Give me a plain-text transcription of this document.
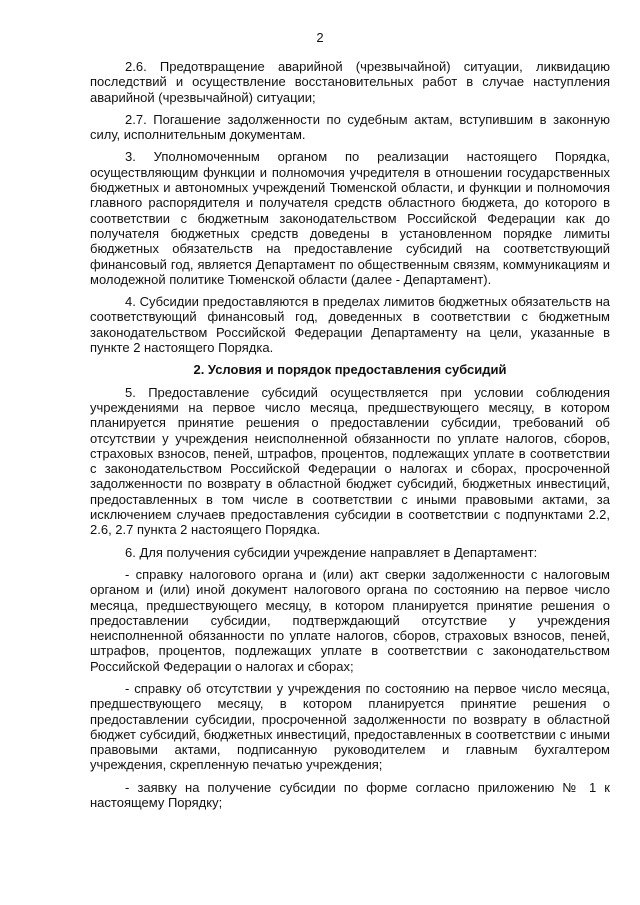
2

2.6. Предотвращение аварийной (чрезвычайной) ситуации, ликвидацию последствий и осуществление восстановительных работ в случае наступления аварийной (чрезвычайной) ситуации;

2.7. Погашение задолженности по судебным актам, вступившим в законную силу, исполнительным документам.

3. Уполномоченным органом по реализации настоящего Порядка, осуществляющим функции и полномочия учредителя в отношении государственных бюджетных и автономных учреждений Тюменской области, и функции и полномочия главного распорядителя и получателя средств областного бюджета, до которого в соответствии с бюджетным законодательством Российской Федерации как до получателя бюджетных средств доведены в установленном порядке лимиты бюджетных обязательств на предоставление субсидий на соответствующий финансовый год, является Департамент по общественным связям, коммуникациям и молодежной политике Тюменской области (далее - Департамент).

4. Субсидии предоставляются в пределах лимитов бюджетных обязательств на соответствующий финансовый год, доведенных в соответствии с бюджетным законодательством Российской Федерации Департаменту на цели, указанные в пункте 2 настоящего Порядка.

2. Условия и порядок предоставления субсидий

5. Предоставление субсидий осуществляется при условии соблюдения учреждениями на первое число месяца, предшествующего месяцу, в котором планируется принятие решения о предоставлении субсидии, требований об отсутствии у учреждения неисполненной обязанности по уплате налогов, сборов, страховых взносов, пеней, штрафов, процентов, подлежащих уплате в соответствии с законодательством Российской Федерации о налогах и сборах, просроченной задолженности по возврату в областной бюджет субсидий, бюджетных инвестиций, предоставленных в том числе в соответствии с иными правовыми актами, за исключением случаев предоставления субсидии в соответствии с подпунктами 2.2, 2.6, 2.7 пункта 2 настоящего Порядка.

6. Для получения субсидии учреждение направляет в Департамент:

- справку налогового органа и (или) акт сверки задолженности с налоговым органом и (или) иной документ налогового органа по состоянию на первое число месяца, предшествующего месяцу, в котором планируется принятие решения о предоставлении субсидии, подтверждающий отсутствие у учреждения неисполненной обязанности по уплате налогов, сборов, страховых взносов, пеней, штрафов, процентов, подлежащих уплате в соответствии с законодательством Российской Федерации о налогах и сборах;

- справку об отсутствии у учреждения по состоянию на первое число месяца, предшествующего месяцу, в котором планируется принятие решения о предоставлении субсидии, просроченной задолженности по возврату в областной бюджет субсидий, бюджетных инвестиций, предоставленных в соответствии с иными правовыми актами, подписанную руководителем и главным бухгалтером учреждения, скрепленную печатью учреждения;

- заявку на получение субсидии по форме согласно приложению № 1 к настоящему Порядку;
